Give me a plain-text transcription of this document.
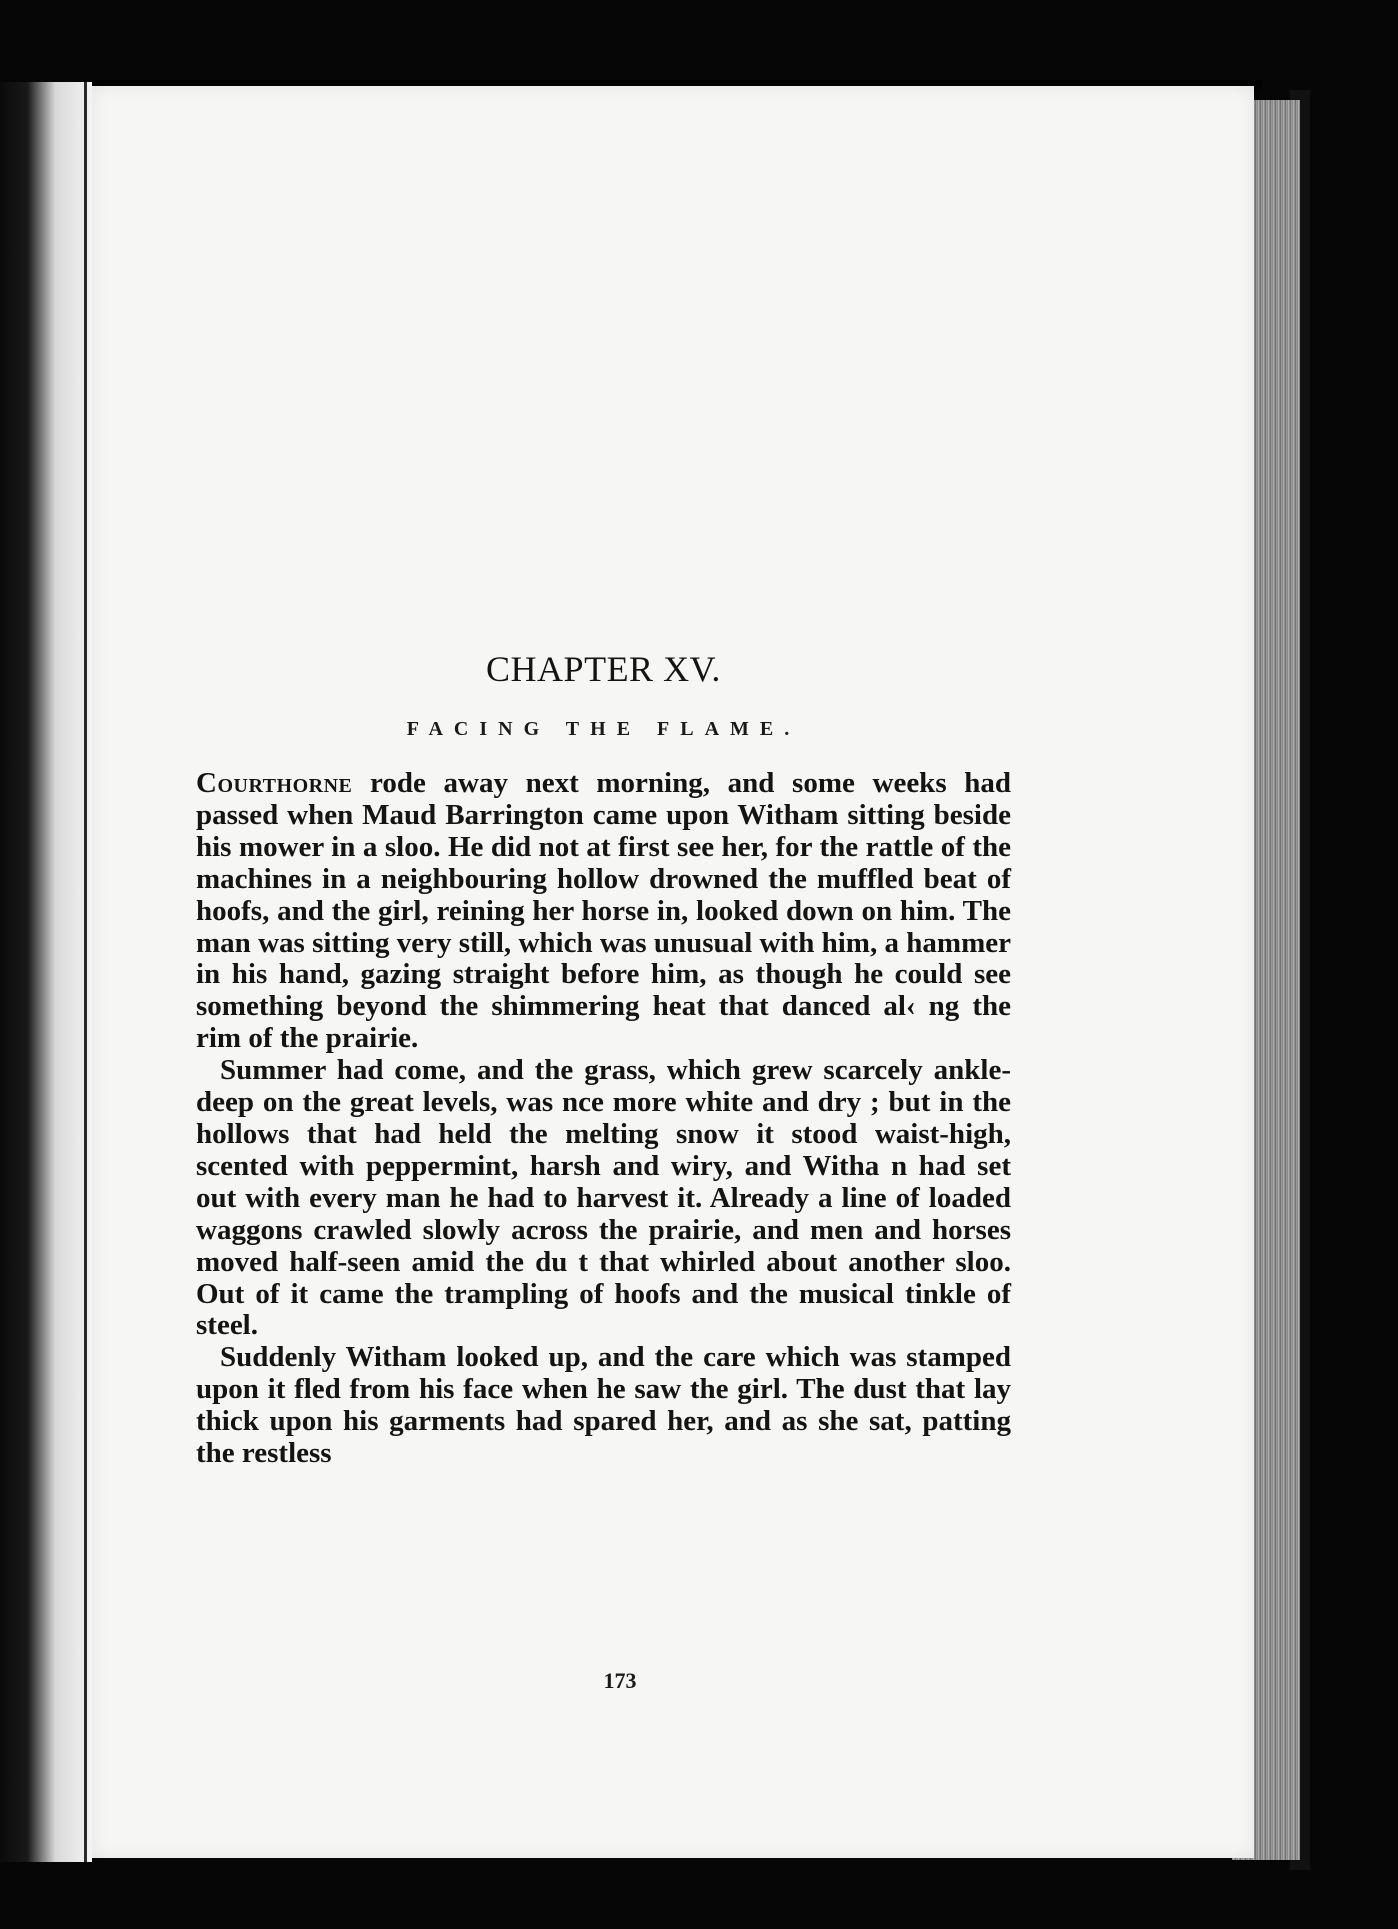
CHAPTER XV.
FACING THE FLAME.

Courthorne rode away next morning, and some weeks had passed when Maud Barrington came upon Witham sitting beside his mower in a sloo. He did not at first see her, for the rattle of the machines in a neighbouring hollow drowned the muffled beat of hoofs, and the girl, reining her horse in, looked down on him. The man was sitting very still, which was unusual with him, a hammer in his hand, gazing straight before him, as though he could see something beyond the shimmering heat that danced al‹ ng the rim of the prairie.

Summer had come, and the grass, which grew scarcely ankle-deep on the great levels, was nce more white and dry ; but in the hollows that had held the melting snow it stood waist-high, scented with peppermint, harsh and wiry, and Witha n had set out with every man he had to harvest it. Already a line of loaded waggons crawled slowly across the prairie, and men and horses moved half-seen amid the du t that whirled about another sloo. Out of it came the trampling of hoofs and the musical tinkle of steel.

Suddenly Witham looked up, and the care which was stamped upon it fled from his face when he saw the girl. The dust that lay thick upon his garments had spared her, and as she sat, patting the restless

173
